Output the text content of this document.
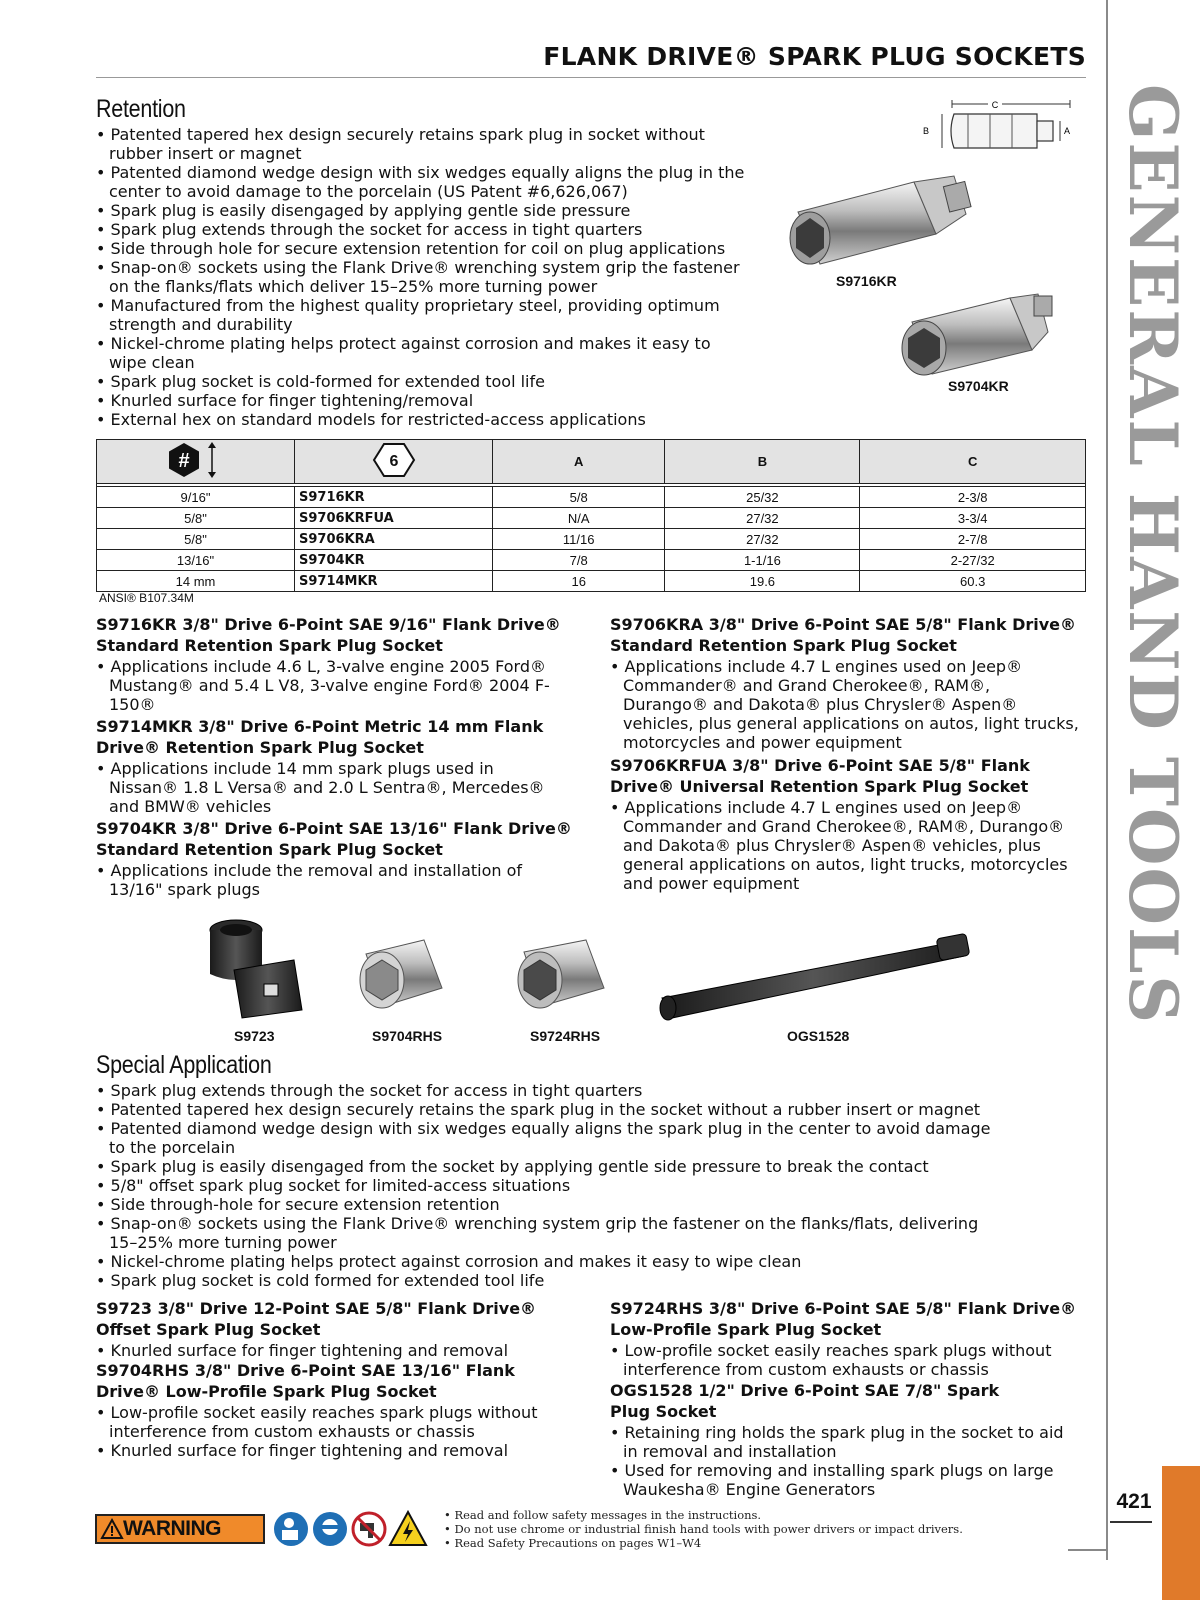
FLANK DRIVE® SPARK PLUG SOCKETS
GENERAL HAND TOOLS
421
Retention
• Patented tapered hex design securely retains spark plug in socket without rubber insert or magnet
• Patented diamond wedge design with six wedges equally aligns the plug in the center to avoid damage to the porcelain (US Patent #6,626,067)
• Spark plug is easily disengaged by applying gentle side pressure
• Spark plug extends through the socket for access in tight quarters
• Side through hole for secure extension retention for coil on plug applications
• Snap-on® sockets using the Flank Drive® wrenching system grip the fastener on the flanks/flats which deliver 15–25% more turning power
• Manufactured from the highest quality proprietary steel, providing optimum strength and durability
• Nickel-chrome plating helps protect against corrosion and makes it easy to wipe clean
• Spark plug socket is cold-formed for extended tool life
• Knurled surface for finger tightening/removal
• External hex on standard models for restricted-access applications
C
B	A
S9716KR
S9704KR
#	6	A	B	C

9/16"	S9716KR	5/8	25/32	2-3/8
5/8"	S9706KRFUA	N/A	27/32	3-3/4
5/8"	S9706KRA	11/16	27/32	2-7/8
13/16"	S9704KR	7/8	1-1/16	2-27/32
14 mm	S9714MKR	16	19.6	60.3
ANSI® B107.34M
S9716KR 3/8" Drive 6-Point SAE 9/16" Flank Drive® Standard Retention Spark Plug Socket
• Applications include 4.6 L, 3-valve engine 2005 Ford® Mustang® and 5.4 L V8, 3-valve engine Ford® 2004 F-150®
S9714MKR 3/8" Drive 6-Point Metric 14 mm Flank Drive® Retention Spark Plug Socket
• Applications include 14 mm spark plugs used in Nissan® 1.8 L Versa® and 2.0 L Sentra®, Mercedes® and BMW® vehicles
S9704KR 3/8" Drive 6-Point SAE 13/16" Flank Drive® Standard Retention Spark Plug Socket
• Applications include the removal and installation of 13/16" spark plugs
S9706KRA 3/8" Drive 6-Point SAE 5/8" Flank Drive® Standard Retention Spark Plug Socket
• Applications include 4.7 L engines used on Jeep® Commander® and Grand Cherokee®, RAM®, Durango® and Dakota® plus Chrysler® Aspen® vehicles, plus general applications on autos, light trucks, motorcycles and power equipment
S9706KRFUA 3/8" Drive 6-Point SAE 5/8" Flank Drive® Universal Retention Spark Plug Socket
• Applications include 4.7 L engines used on Jeep® Commander and Grand Cherokee®, RAM®, Durango® and Dakota® plus Chrysler® Aspen® vehicles, plus general applications on autos, light trucks, motorcycles and power equipment
S9723	S9704RHS	S9724RHS	OGS1528
Special Application
• Spark plug extends through the socket for access in tight quarters
• Patented tapered hex design securely retains the spark plug in the socket without a rubber insert or magnet
• Patented diamond wedge design with six wedges equally aligns the spark plug in the center to avoid damage to the porcelain
• Spark plug is easily disengaged from the socket by applying gentle side pressure to break the contact
• 5/8" offset spark plug socket for limited-access situations
• Side through-hole for secure extension retention
• Snap-on® sockets using the Flank Drive® wrenching system grip the fastener on the flanks/flats, delivering 15–25% more turning power
• Nickel-chrome plating helps protect against corrosion and makes it easy to wipe clean
• Spark plug socket is cold formed for extended tool life
S9723 3/8" Drive 12-Point SAE 5/8" Flank Drive® Offset Spark Plug Socket
• Knurled surface for finger tightening and removal
S9704RHS 3/8" Drive 6-Point SAE 13/16" Flank Drive® Low-Profile Spark Plug Socket
• Low-profile socket easily reaches spark plugs without interference from custom exhausts or chassis
• Knurled surface for finger tightening and removal
S9724RHS 3/8" Drive 6-Point SAE 5/8" Flank Drive® Low-Profile Spark Plug Socket
• Low-profile socket easily reaches spark plugs without interference from custom exhausts or chassis
OGS1528 1/2" Drive 6-Point SAE 7/8" Spark Plug Socket
• Retaining ring holds the spark plug in the socket to aid in removal and installation
• Used for removing and installing spark plugs on large Waukesha® Engine Generators
WARNING
• Read and follow safety messages in the instructions.
• Do not use chrome or industrial finish hand tools with power drivers or impact drivers.
• Read Safety Precautions on pages W1–W4
